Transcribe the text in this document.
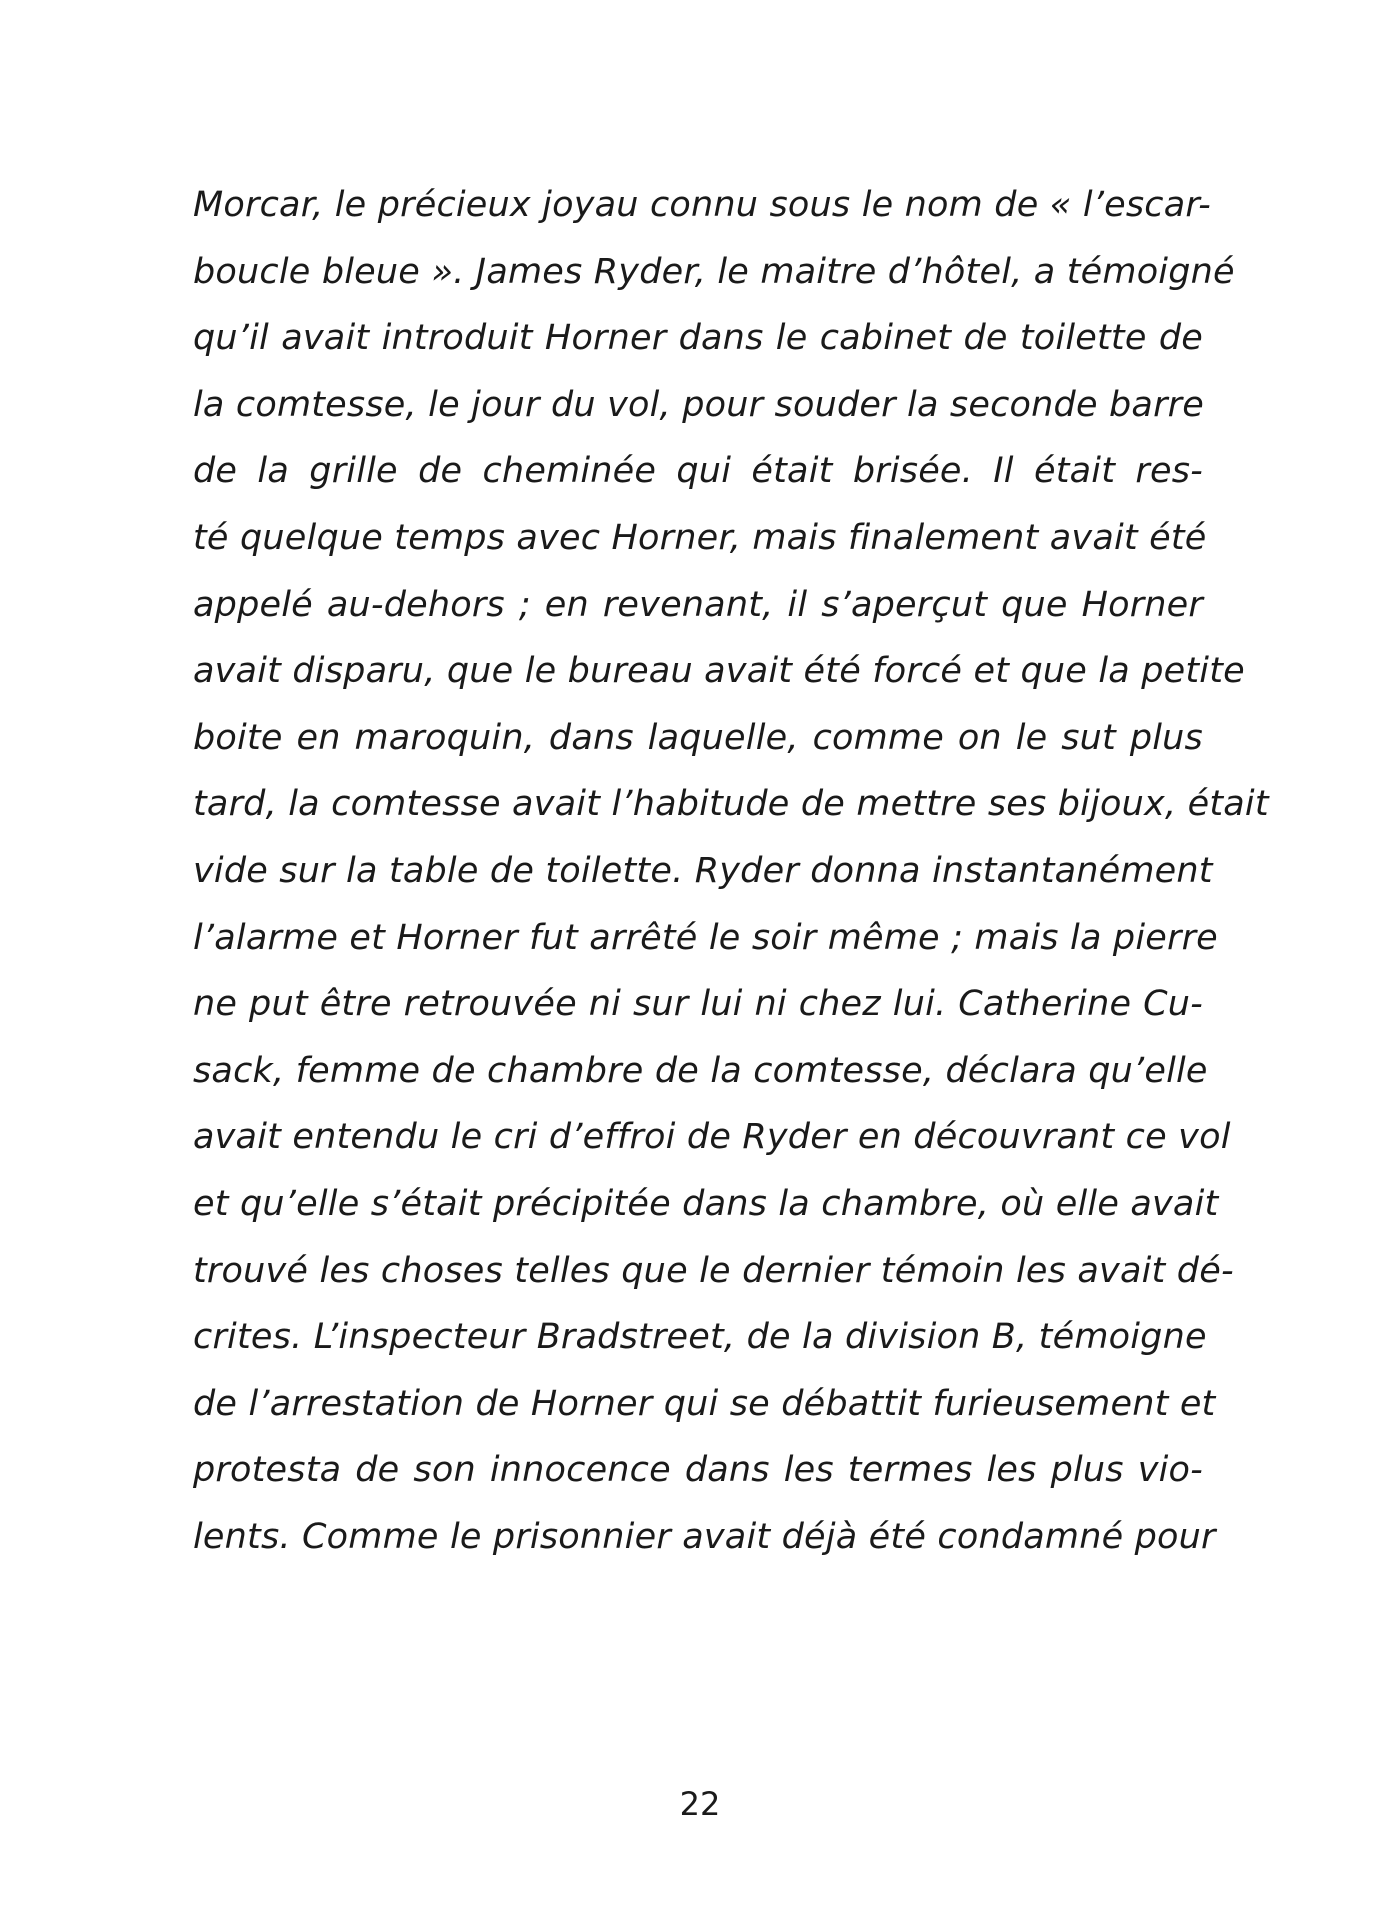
Morcar, le précieux joyau connu sous le nom de « l’escar-
boucle bleue ». James Ryder, le maitre d’hôtel, a témoigné
qu’il avait introduit Horner dans le cabinet de toilette de
la comtesse, le jour du vol, pour souder la seconde barre
de la grille de cheminée qui était brisée. Il était res-
té quelque temps avec Horner, mais finalement avait été
appelé au-dehors ; en revenant, il s’aperçut que Horner
avait disparu, que le bureau avait été forcé et que la petite
boite en maroquin, dans laquelle, comme on le sut plus
tard, la comtesse avait l’habitude de mettre ses bijoux, était
vide sur la table de toilette. Ryder donna instantanément
l’alarme et Horner fut arrêté le soir même ; mais la pierre
ne put être retrouvée ni sur lui ni chez lui. Catherine Cu-
sack, femme de chambre de la comtesse, déclara qu’elle
avait entendu le cri d’effroi de Ryder en découvrant ce vol
et qu’elle s’était précipitée dans la chambre, où elle avait
trouvé les choses telles que le dernier témoin les avait dé-
crites. L’inspecteur Bradstreet, de la division B, témoigne
de l’arrestation de Horner qui se débattit furieusement et
protesta de son innocence dans les termes les plus vio-
lents. Comme le prisonnier avait déjà été condamné pour
22
